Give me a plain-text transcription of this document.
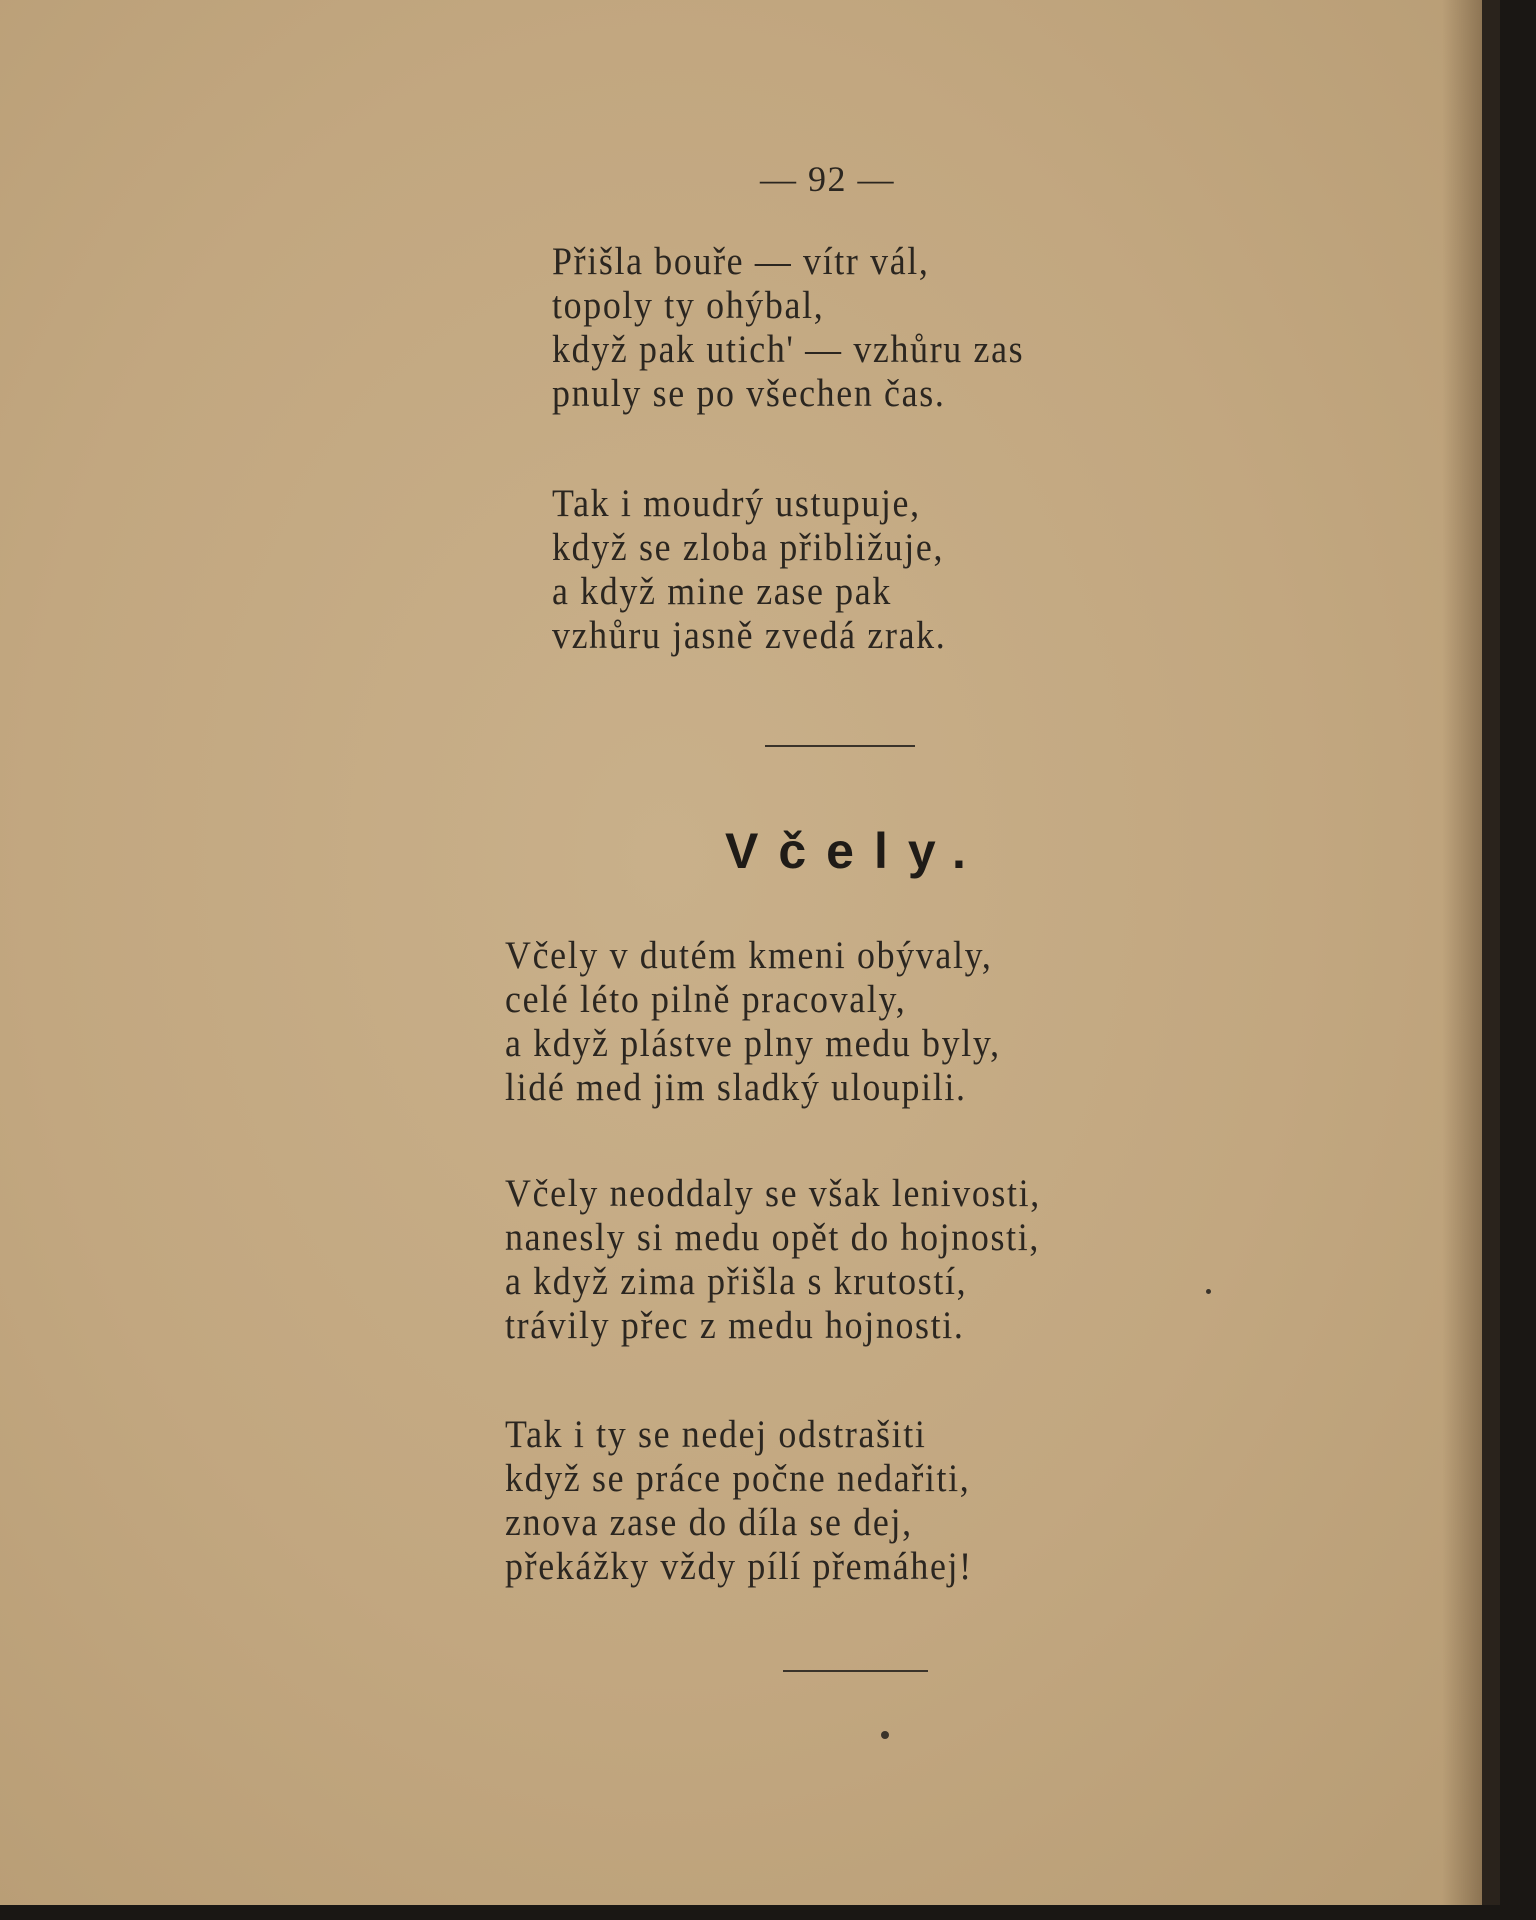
— 92 —
Přišla bouře — vítr vál,
topoly ty ohýbal,
když pak utich' — vzhůru zas
pnuly se po všechen čas.
Tak i moudrý ustupuje,
když se zloba přibližuje,
a když mine zase pak
vzhůru jasně zvedá zrak.
Včely.
Včely v dutém kmeni obývaly,
celé léto pilně pracovaly,
a když plástve plny medu byly,
lidé med jim sladký uloupili.
Včely neoddaly se však lenivosti,
nanesly si medu opět do hojnosti,
a když zima přišla s krutostí,
trávily přec z medu hojnosti.
Tak i ty se nedej odstrašiti
když se práce počne nedařiti,
znova zase do díla se dej,
překážky vždy pílí přemáhej!
